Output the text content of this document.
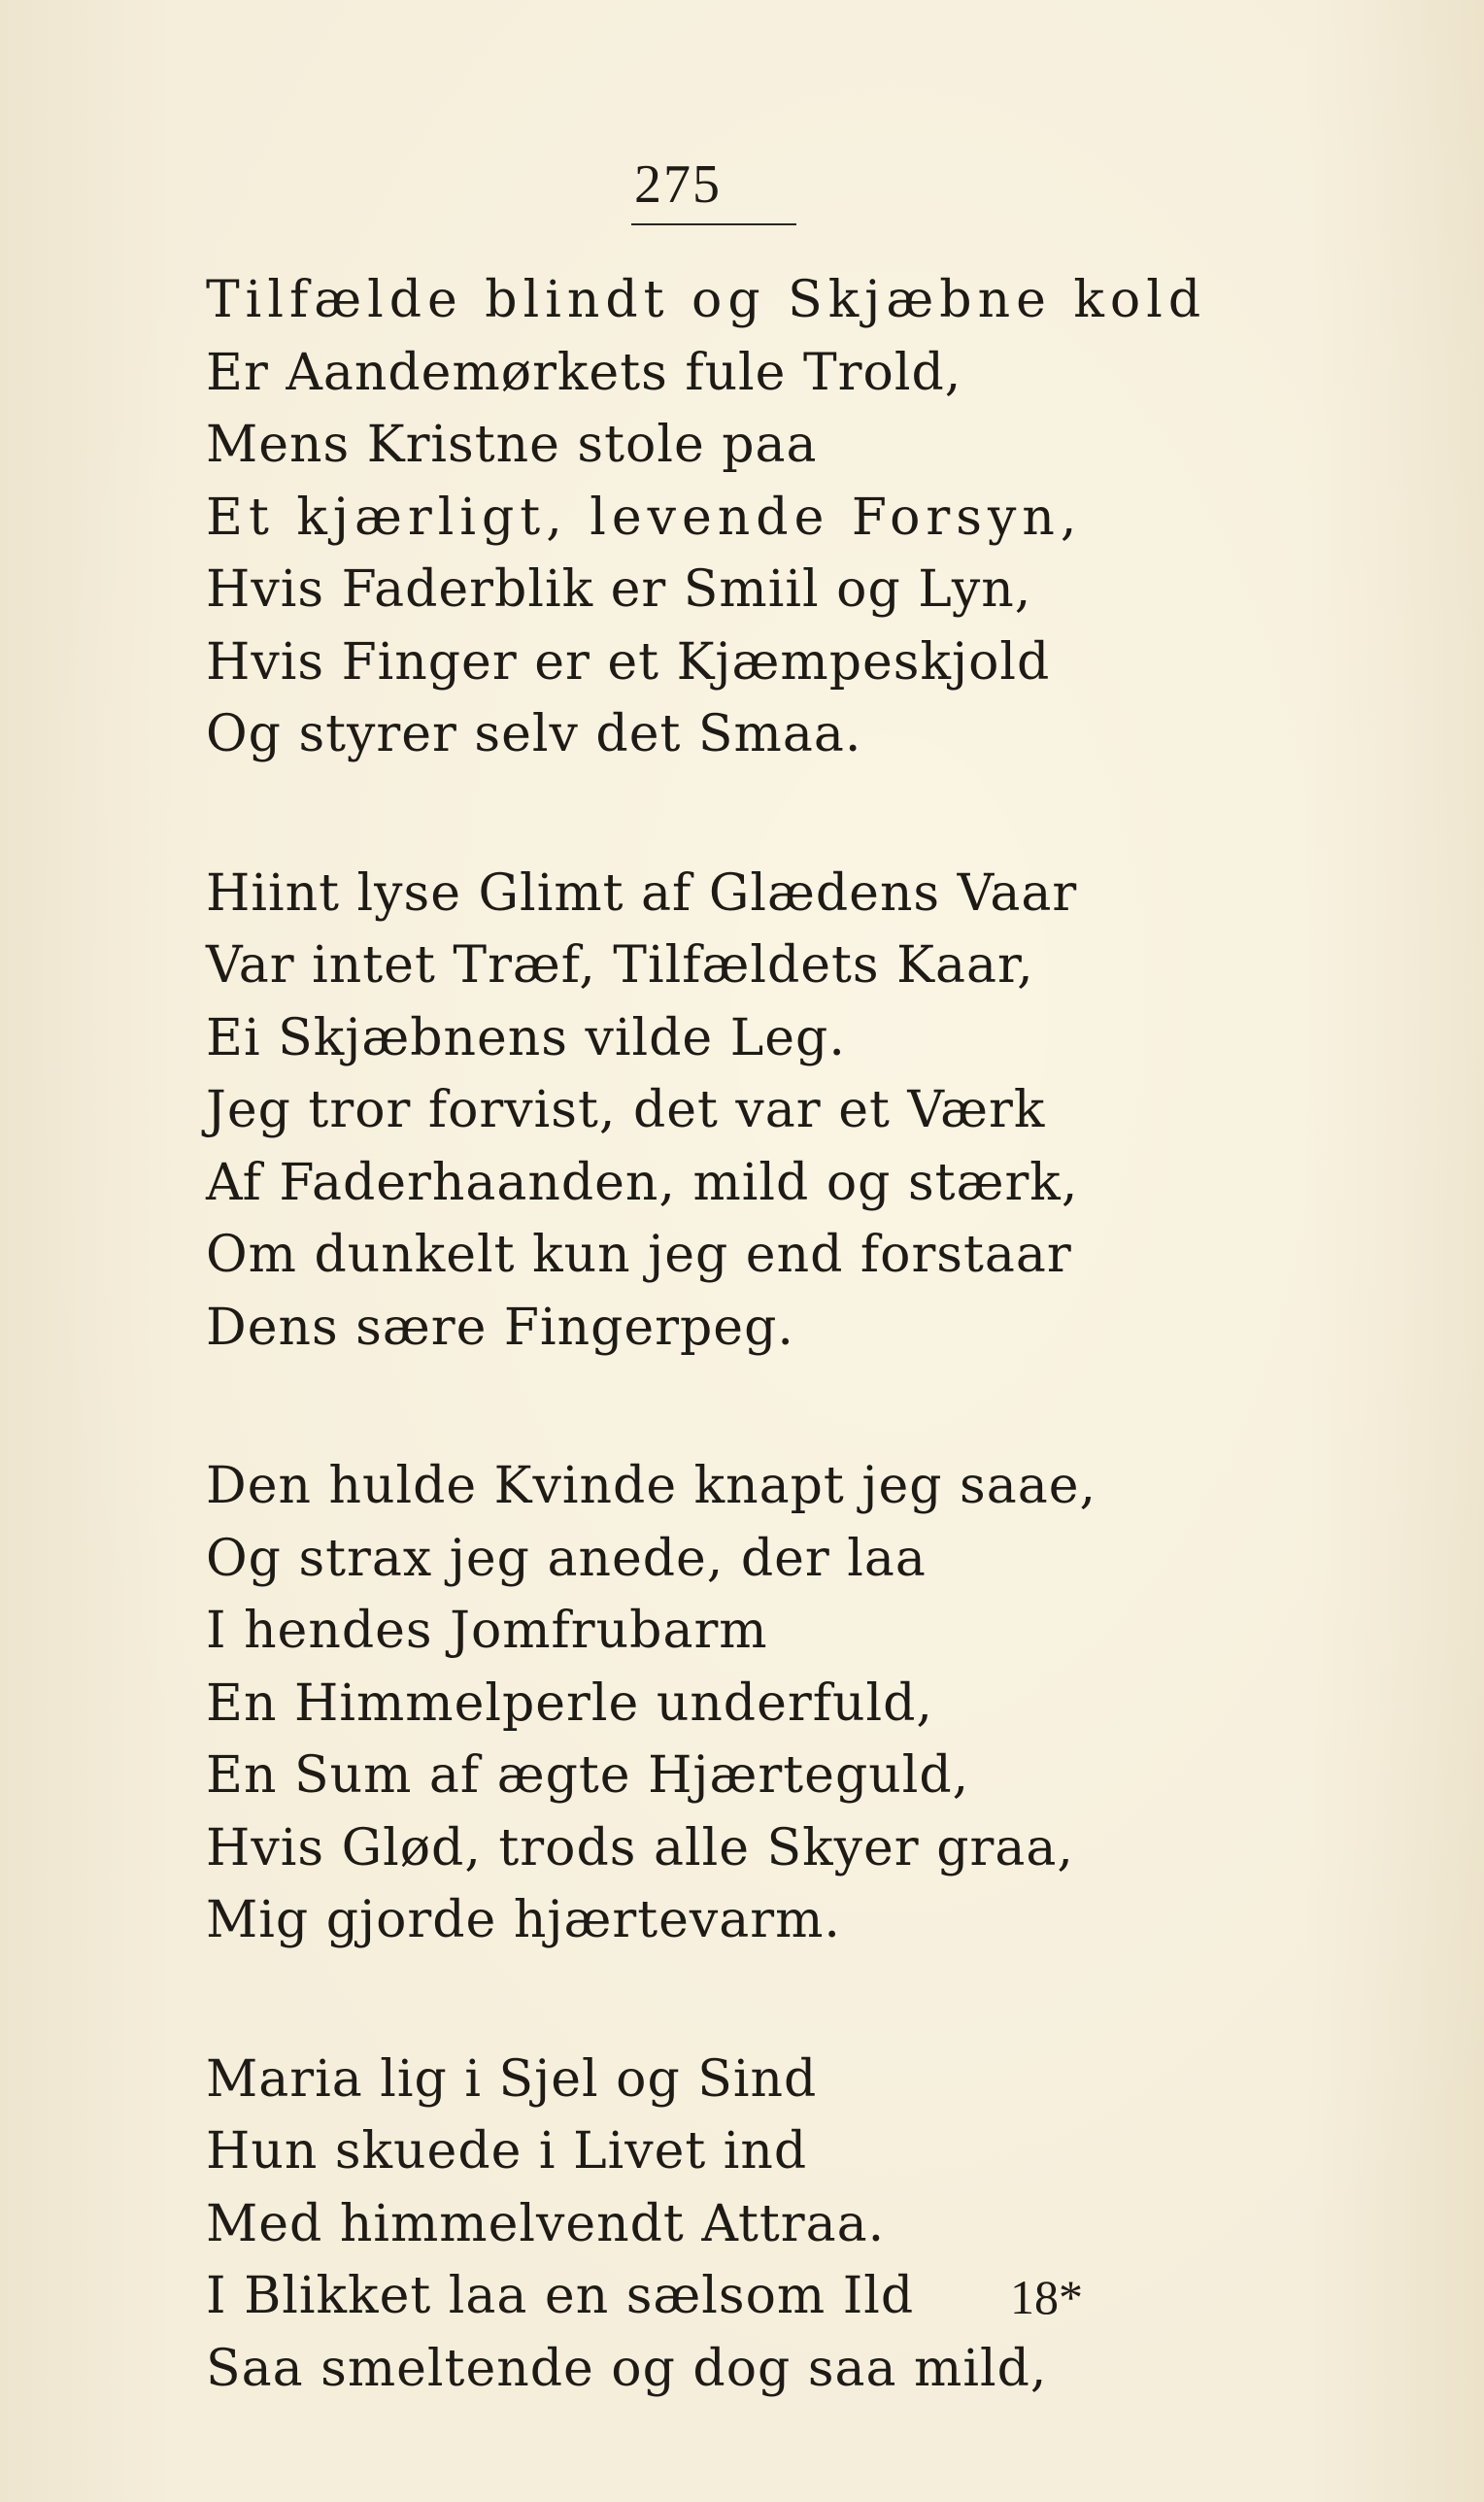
275
Tilfælde blindt og Skjæbne kold
Er Aandemørkets fule Trold,
Mens Kristne stole paa
Et kjærligt, levende Forsyn,
Hvis Faderblik er Smiil og Lyn,
Hvis Finger er et Kjæmpeskjold
Og styrer selv det Smaa.
Hiint lyse Glimt af Glædens Vaar
Var intet Træf, Tilfældets Kaar,
Ei Skjæbnens vilde Leg.
Jeg tror forvist, det var et Værk
Af Faderhaanden, mild og stærk,
Om dunkelt kun jeg end forstaar
Dens sære Fingerpeg.
Den hulde Kvinde knapt jeg saae,
Og strax jeg anede, der laa
I hendes Jomfrubarm
En Himmelperle underfuld,
En Sum af ægte Hjærteguld,
Hvis Glød, trods alle Skyer graa,
Mig gjorde hjærtevarm.
Maria lig i Sjel og Sind
Hun skuede i Livet ind
Med himmelvendt Attraa.
I Blikket laa en sælsom Ild
Saa smeltende og dog saa mild,
18*
